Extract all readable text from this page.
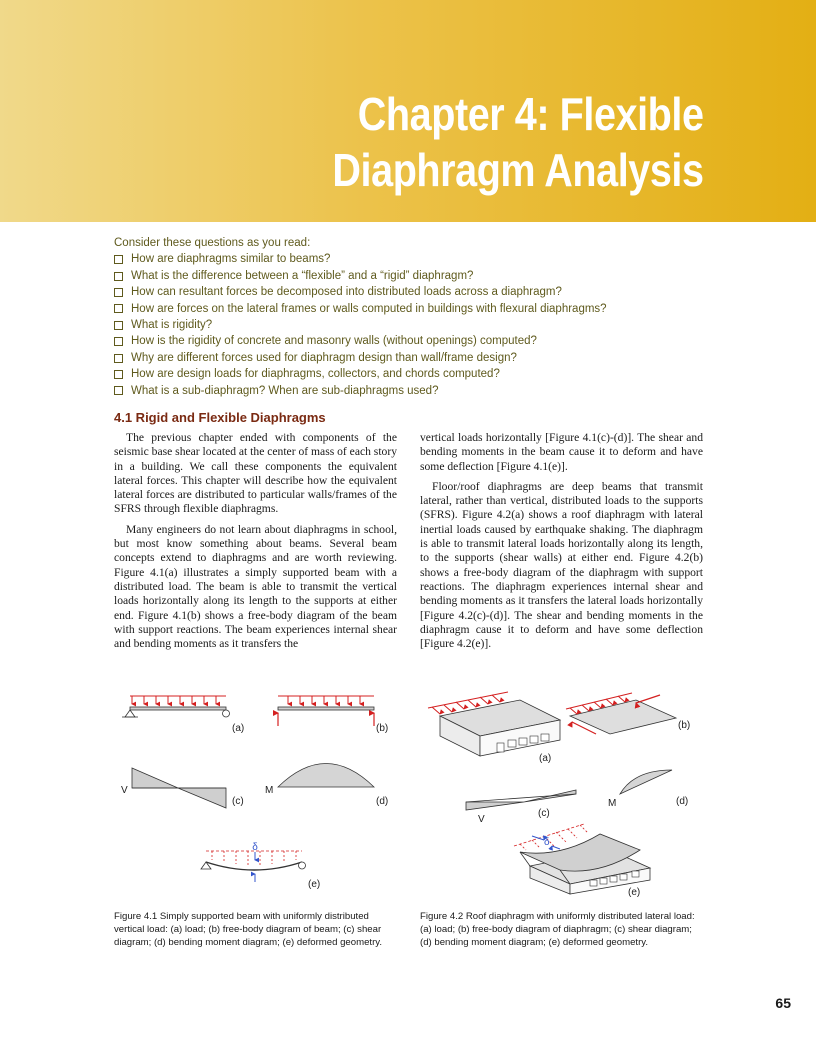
Chapter 4: Flexible
Diaphragm Analysis

Consider these questions as you read:

How are diaphragms similar to beams?
What is the difference between a “flexible” and a “rigid” diaphragm?
How can resultant forces be decomposed into distributed loads across a diaphragm?
How are forces on the lateral frames or walls computed in buildings with flexural diaphragms?
What is rigidity?
How is the rigidity of concrete and masonry walls (without openings) computed?
Why are different forces used for diaphragm design than wall/frame design?
How are design loads for diaphragms, collectors, and chords computed?
What is a sub-diaphragm? When are sub-diaphragms used?
4.1 Rigid and Flexible Diaphragms

The previous chapter ended with components of the seismic base shear located at the center of mass of each story in a building. We call these components the equivalent lateral forces. This chapter will describe how the equivalent lateral forces are distributed to particular walls/frames of the SFRS through flexible diaphragms.

Many engineers do not learn about diaphragms in school, but most know something about beams. Several beam concepts extend to diaphragms and are worth reviewing. Figure 4.1(a) illustrates a simply supported beam with a distributed load. The beam is able to transmit the vertical loads horizontally along its length to the supports at either end. Figure 4.1(b) shows a free-body diagram of the beam with support reactions. The beam experiences internal shear and bending moments as it transfers the

vertical loads horizontally [Figure 4.1(c)-(d)]. The shear and bending moments in the beam cause it to deform and have some deflection [Figure 4.1(e)].

Floor/roof diaphragms are deep beams that transmit lateral, rather than vertical, distributed loads to the supports (SFRS). Figure 4.2(a) shows a roof diaphragm with lateral inertial loads caused by earthquake shaking. The diaphragm is able to transmit lateral loads horizontally along its length, to the supports (shear walls) at either end. Figure 4.2(b) shows a free-body diagram of the diaphragm with support reactions. The diaphragm experiences internal shear and bending moments as it transfers the lateral loads horizontally [Figure 4.2(c)-(d)]. The shear and bending moments in the diaphragm cause it to deform and have some deflection [Figure 4.2(e)].

(a)	(b)
V
(c)
M
(d)
δ
(e)
(a)
(b)
V
(c)
M	(d)
δ
(e)

Figure 4.1 Simply supported beam with uniformly distributed vertical load: (a) load; (b) free-body diagram of beam; (c) shear diagram; (d) bending moment diagram; (e) deformed geometry.

Figure 4.2 Roof diaphragm with uniformly distributed lateral load: (a) load; (b) free-body diagram of diaphragm; (c) shear diagram; (d) bending moment diagram; (e) deformed geometry.

65
